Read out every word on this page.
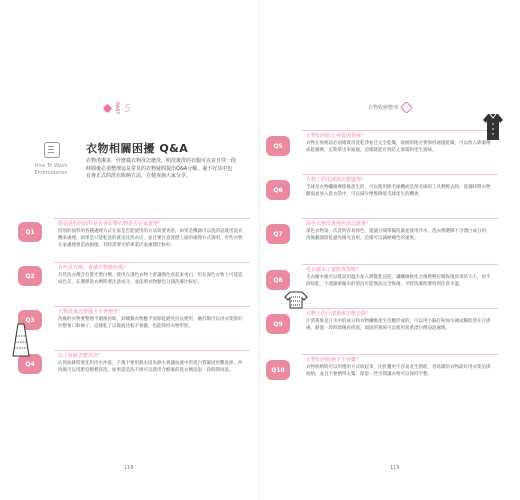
PART 5
How To Wash Embroidaries
衣物相關困擾 Q&A
衣物清潔多，什麼樣衣物洗怎麼洗，明洗後洗的衣服可以並且穿一段時間後必須整理這是常見的衣物疑問提出Q&A分解，還不好其中也有會正式的洗衣收納方法，方便查詢大家分享。
Q1
製造過程的面料是否會影響衣物是否在家處理？
特別的面料的各種處理方式在家是否能使用的方法需要查看，如果是機器可以洗的話就用洗衣機來處理，如果是只能乾洗的就送往洗衣店，並且要注意洗標上面的處理方式說明，有些衣物在家處理會造成損傷，有時需要交給專業店家處理比較好。
Q2
有些洗衣劑，會讓衣物變色嗎？
有些洗衣劑含有螢光增白劑，使用在淺色衣物上會讓顏色看起來更白，但在深色衣物上可能造成色差，在選擇洗衣劑時要注意成分，並依照衣物顏色分開洗滌比較好。
Q3
衣物洗後怎麼擺才不會變形？
洗後的衣物要整理平順後再晾，針織類衣物應平放晾乾避免拉長變形，襯衫類可以用衣架掛好拉整領口和袖子，這樣乾了以後就比較不會皺，也能保持衣物形狀。
Q4
沾上血跡怎麼清洗？
沾到血跡時要先用冷水沖洗，千萬不要用熱水因為熱水會讓血液中的蛋白質凝固更難洗掉，沖洗後可以用肥皂輕輕搓洗，如果還是洗不掉可以使用含酵素的洗衣劑浸泡一段時間再洗。
118
衣物收納整理
Q5
衣物如何防止發霉與異味？
衣物在收納前必須確實清洗乾淨並且完全乾燥，收納的地方要保持通風乾燥，可以放入除濕劑或乾燥劑，定期拿出來通風，這樣就能有效防止發霉和產生異味。
Q6
衣物上的毛球該怎麼處理？
毛球是衣物纖維摩擦後產生的，可以使用除毛球機或是刮毛球的工具輕輕去除，洗滌時將衣物翻面並放入洗衣袋中，可以減少摩擦降低毛球產生的機會。
Q7
深色衣物洗後褪色該怎麼辦？
深色衣物第一次洗時容易掉色，建議分開單獨洗滌並使用冷水，洗衣劑選擇不含漂白成分的，洗後翻面陰乾避免陽光直射，這樣可以減緩褪色的速度。
Q8
毛衣縮水了還能恢復嗎？
毛衣縮水後可以嘗試用溫水加入潤髮乳浸泡，讓纖維軟化之後輕輕拉開恢復原來的大小，再平放晾乾，不過嚴重縮水的情況可能無法完全恢復，平時洗滌時要特別注意水溫。
Q9
衣物上的汗漬黃斑怎麼去除？
汗漬黃斑是汗水中的成分和衣物纖維產生反應形成的，可以用小蘇打粉加水調成糊狀塗在汗漬處，靜置一段時間後再搓洗，頑固的黃斑可以使用氧系漂白劑浸泡處理。
Q10
衣物如何收納才不會皺？
衣物收納時可以用捲的方式收起來，比折疊更不容易產生摺痕，容易皺的衣物最好用衣架吊掛收納，並且不要擠得太緊，保留一些空間讓衣物可以保持平整。
119
